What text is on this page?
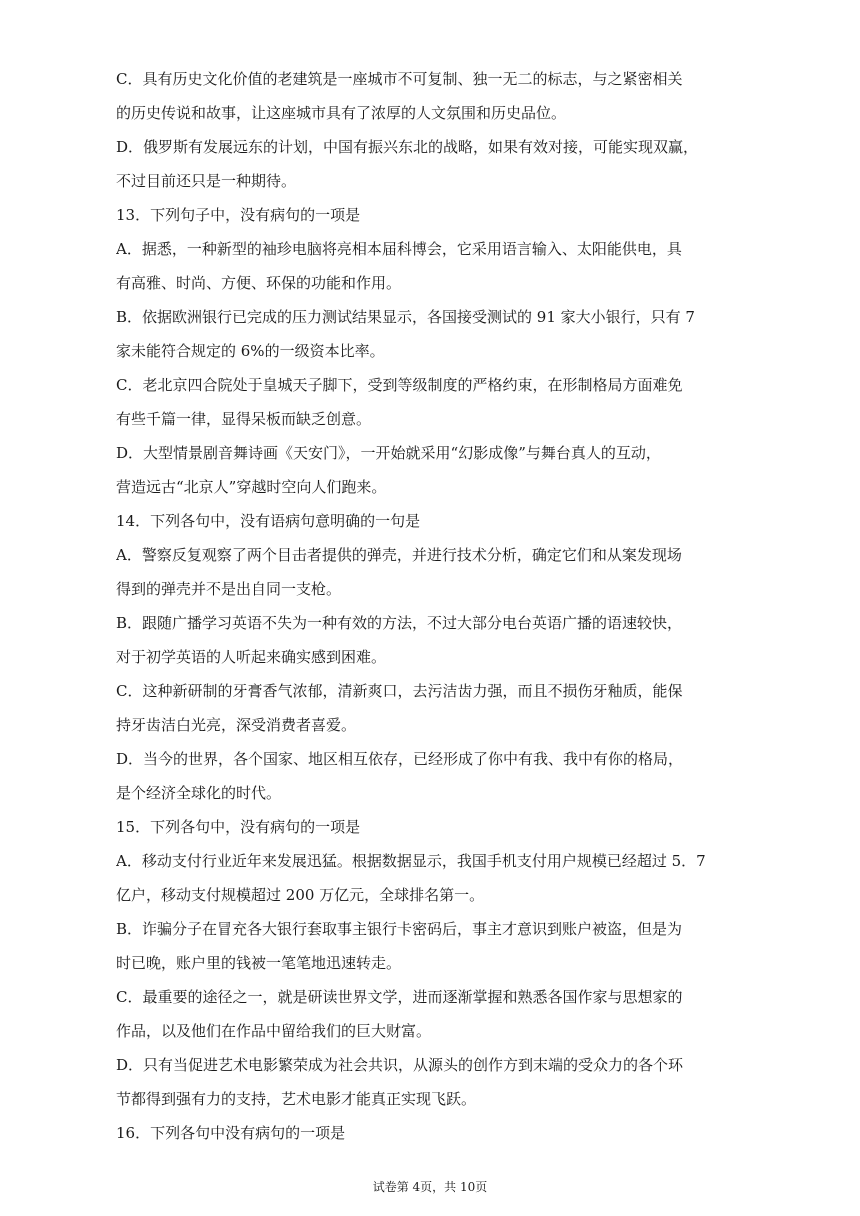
C．具有历史文化价值的老建筑是一座城市不可复制、独一无二的标志，与之紧密相关
的历史传说和故事，让这座城市具有了浓厚的人文氛围和历史品位。
D．俄罗斯有发展远东的计划，中国有振兴东北的战略，如果有效对接，可能实现双赢，
不过目前还只是一种期待。
13．下列句子中，没有病句的一项是
A．据悉，一种新型的袖珍电脑将亮相本届科博会，它采用语言输入、太阳能供电，具
有高雅、时尚、方便、环保的功能和作用。
B．依据欧洲银行已完成的压力测试结果显示，各国接受测试的 91 家大小银行，只有 7
家未能符合规定的 6%的一级资本比率。
C．老北京四合院处于皇城天子脚下，受到等级制度的严格约束，在形制格局方面难免
有些千篇一律，显得呆板而缺乏创意。
D．大型情景剧音舞诗画《天安门》，一开始就采用“幻影成像”与舞台真人的互动，
营造远古“北京人”穿越时空向人们跑来。
14．下列各句中，没有语病句意明确的一句是
A．警察反复观察了两个目击者提供的弹壳，并进行技术分析，确定它们和从案发现场
得到的弹壳并不是出自同一支枪。
B．跟随广播学习英语不失为一种有效的方法，不过大部分电台英语广播的语速较快，
对于初学英语的人听起来确实感到困难。
C．这种新研制的牙膏香气浓郁，清新爽口，去污洁齿力强，而且不损伤牙釉质，能保
持牙齿洁白光亮，深受消费者喜爱。
D．当今的世界，各个国家、地区相互依存，已经形成了你中有我、我中有你的格局，
是个经济全球化的时代。
15．下列各句中，没有病句的一项是
A．移动支付行业近年来发展迅猛。根据数据显示，我国手机支付用户规模已经超过 5．7
亿户，移动支付规模超过 200 万亿元，全球排名第一。
B．诈骗分子在冒充各大银行套取事主银行卡密码后，事主才意识到账户被盗，但是为
时已晚，账户里的钱被一笔笔地迅速转走。
C．最重要的途径之一，就是研读世界文学，进而逐渐掌握和熟悉各国作家与思想家的
作品，以及他们在作品中留给我们的巨大财富。
D．只有当促进艺术电影繁荣成为社会共识，从源头的创作方到末端的受众力的各个环
节都得到强有力的支持，艺术电影才能真正实现飞跃。
16．下列各句中没有病句的一项是
试卷第 4页，共 10页
